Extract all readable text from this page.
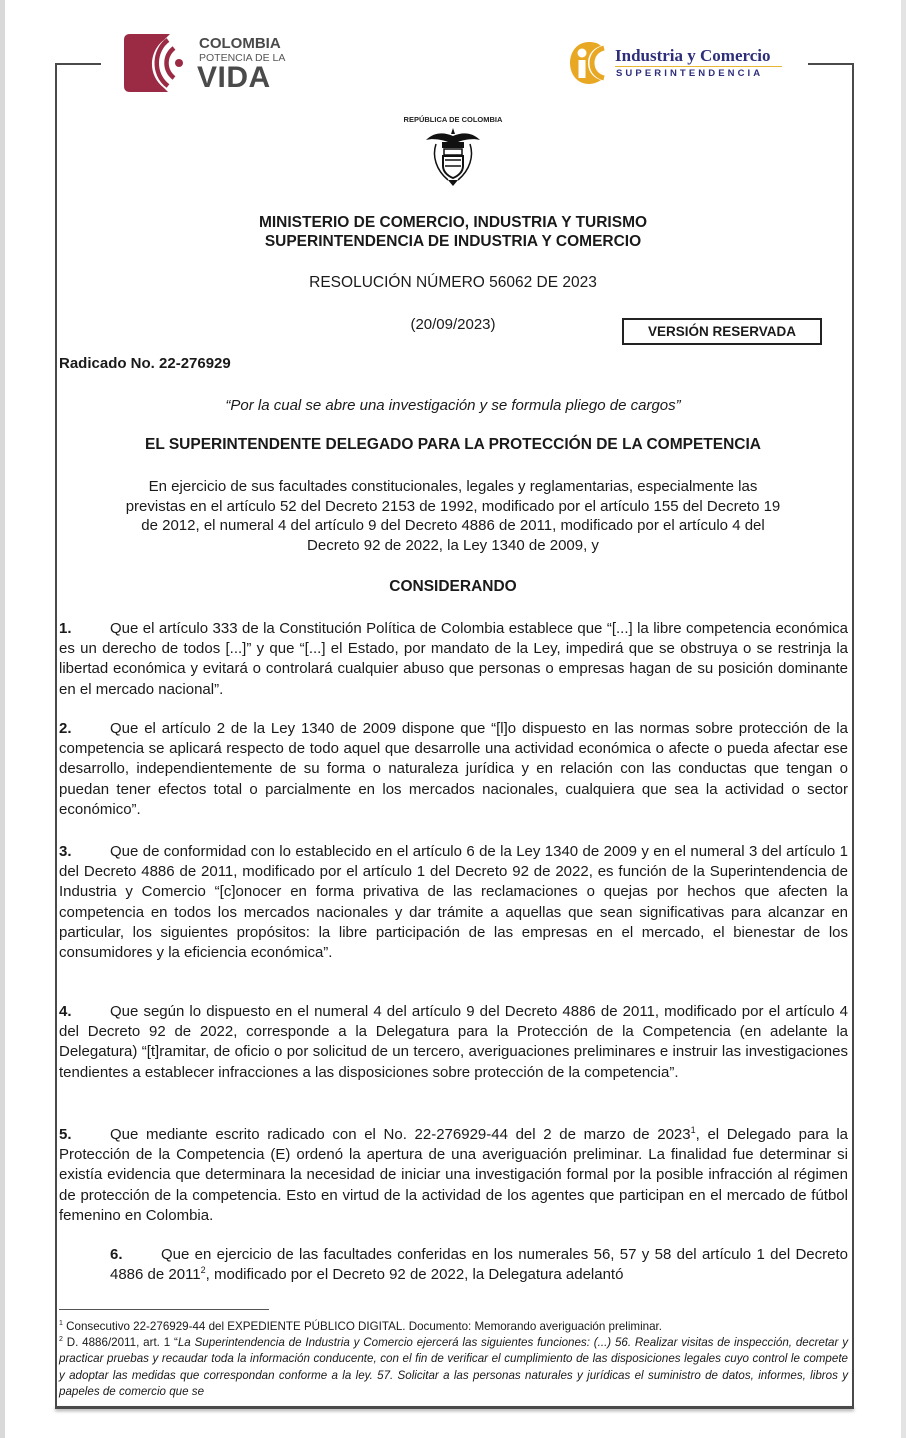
COLOMBIA
POTENCIA DE LA
VIDA
Industria y Comercio
SUPERINTENDENCIA
REPÚBLICA DE COLOMBIA
MINISTERIO DE COMERCIO, INDUSTRIA Y TURISMO
SUPERINTENDENCIA DE INDUSTRIA Y COMERCIO
RESOLUCIÓN NÚMERO 56062 DE 2023
(20/09/2023)	VERSIÓN RESERVADA
Radicado No. 22-276929
“Por la cual se abre una investigación y se formula pliego de cargos”
EL SUPERINTENDENTE DELEGADO PARA LA PROTECCIÓN DE LA COMPETENCIA
En ejercicio de sus facultades constitucionales, legales y reglamentarias, especialmente las
previstas en el artículo 52 del Decreto 2153 de 1992, modificado por el artículo 155 del Decreto 19
de 2012, el numeral 4 del artículo 9 del Decreto 4886 de 2011, modificado por el artículo 4 del
Decreto 92 de 2022, la Ley 1340 de 2009, y
CONSIDERANDO
1.	Que el artículo 333 de la Constitución Política de Colombia establece que “[...] la libre competencia económica es un derecho de todos [...]” y que “[...] el Estado, por mandato de la Ley, impedirá que se obstruya o se restrinja la libertad económica y evitará o controlará cualquier abuso que personas o empresas hagan de su posición dominante en el mercado nacional”.
2.	Que el artículo 2 de la Ley 1340 de 2009 dispone que “[l]o dispuesto en las normas sobre protección de la competencia se aplicará respecto de todo aquel que desarrolle una actividad económica o afecte o pueda afectar ese desarrollo, independientemente de su forma o naturaleza jurídica y en relación con las conductas que tengan o puedan tener efectos total o parcialmente en los mercados nacionales, cualquiera que sea la actividad o sector económico”.
3.	Que de conformidad con lo establecido en el artículo 6 de la Ley 1340 de 2009 y en el numeral 3 del artículo 1 del Decreto 4886 de 2011, modificado por el artículo 1 del Decreto 92 de 2022, es función de la Superintendencia de Industria y Comercio “[c]onocer en forma privativa de las reclamaciones o quejas por hechos que afecten la competencia en todos los mercados nacionales y dar trámite a aquellas que sean significativas para alcanzar en particular, los siguientes propósitos: la libre participación de las empresas en el mercado, el bienestar de los consumidores y la eficiencia económica”.
4.	Que según lo dispuesto en el numeral 4 del artículo 9 del Decreto 4886 de 2011, modificado por el artículo 4 del Decreto 92 de 2022, corresponde a la Delegatura para la Protección de la Competencia (en adelante la Delegatura) “[t]ramitar, de oficio o por solicitud de un tercero, averiguaciones preliminares e instruir las investigaciones tendientes a establecer infracciones a las disposiciones sobre protección de la competencia”.
5.	Que mediante escrito radicado con el No. 22-276929-44 del 2 de marzo de 2023$^1$, el Delegado para la Protección de la Competencia (E) ordenó la apertura de una averiguación preliminar. La finalidad fue determinar si existía evidencia que determinara la necesidad de iniciar una investigación formal por la posible infracción al régimen de protección de la competencia. Esto en virtud de la actividad de los agentes que participan en el mercado de fútbol femenino en Colombia.
6.	Que en ejercicio de las facultades conferidas en los numerales 56, 57 y 58 del artículo 1 del Decreto 4886 de 2011$^2$, modificado por el Decreto 92 de 2022, la Delegatura adelantó
$^1$ Consecutivo 22-276929-44 del EXPEDIENTE PÚBLICO DIGITAL. Documento: Memorando averiguación preliminar.
$^2$ D. 4886/2011, art. 1 “La Superintendencia de Industria y Comercio ejercerá las siguientes funciones: (...) 56. Realizar visitas de inspección, decretar y practicar pruebas y recaudar toda la información conducente, con el fin de verificar el cumplimiento de las disposiciones legales cuyo control le compete y adoptar las medidas que correspondan conforme a la ley. 57. Solicitar a las personas naturales y jurídicas el suministro de datos, informes, libros y papeles de comercio que se
